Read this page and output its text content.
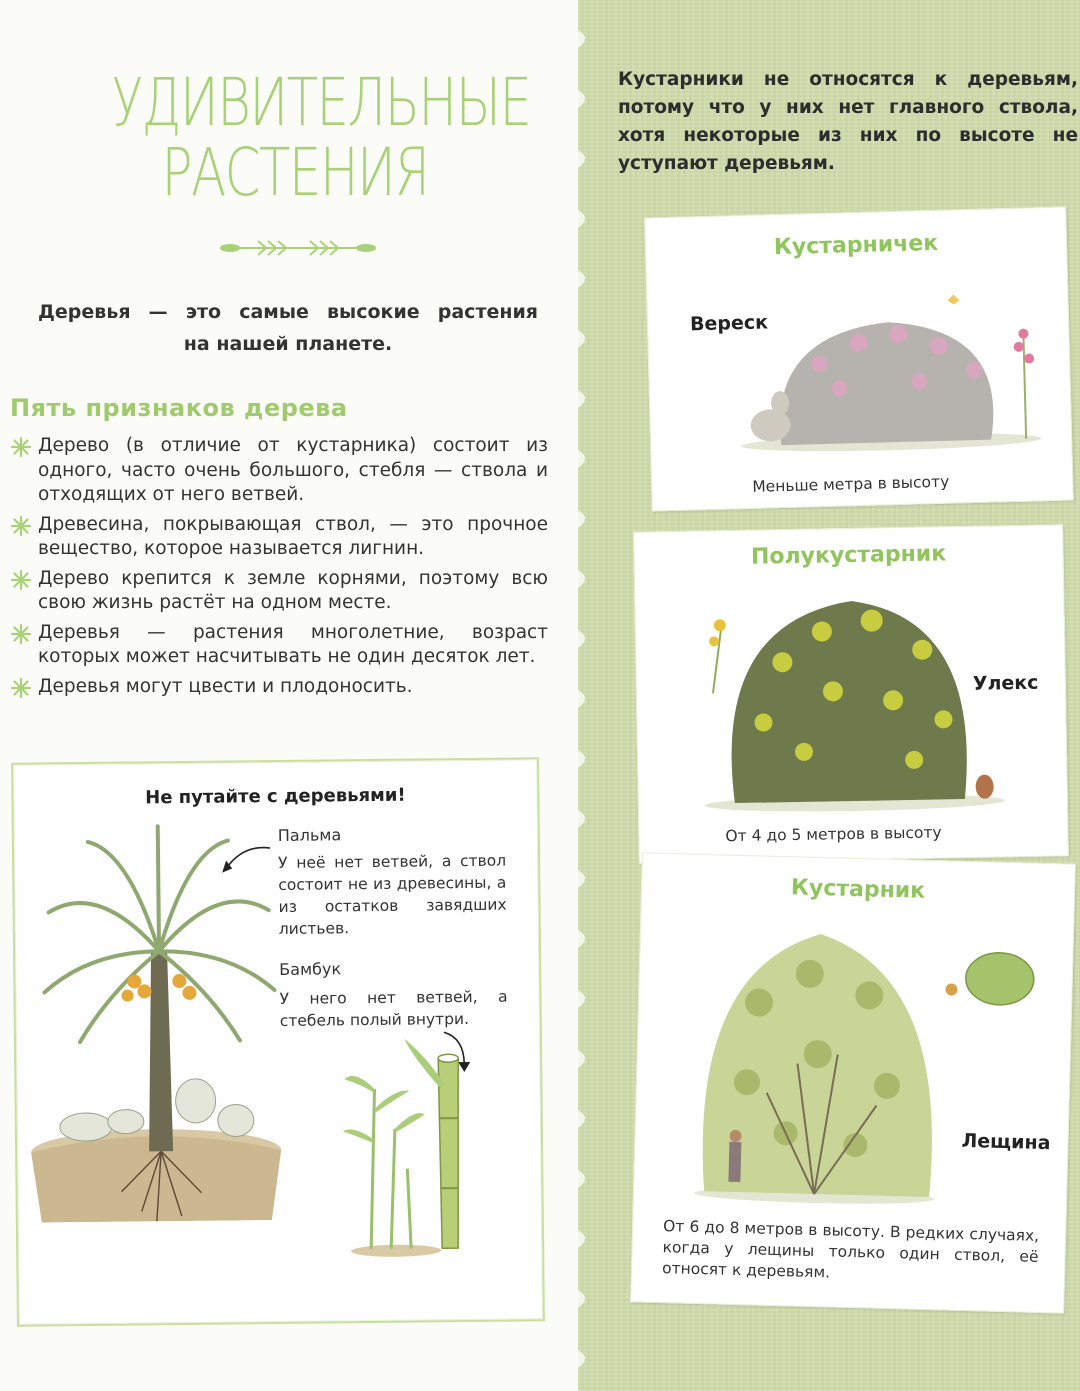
УДИВИТЕЛЬНЫЕ
РАСТЕНИЯ
Деревья — это самые высокие растения
на нашей планете.
Пять признаков дерева
Дерево (в отличие от кустарника) состоит из одного, часто очень большого, стебля — ствола и отходящих от него ветвей.
Древесина, покрывающая ствол, — это прочное вещество, которое называется лигнин.
Дерево крепится к земле корнями, поэтому всю свою жизнь растёт на одном месте.
Деревья — растения многолетние, возраст которых может насчитывать не один десяток лет.
Деревья могут цвести и плодоносить.
Не путайте с деревьями!
Пальма
У неё нет ветвей, а ствол состоит не из древесины, а из остатков завядших листьев.
Бамбук
У него нет ветвей, а стебель полый внутри.
Кустарники не относятся к деревьям, потому что у них нет главного ствола, хотя некоторые из них по высоте не уступают деревьям.
Кустарничек
Вереск
Меньше метра в высоту
Полукустарник
Улекс
От 4 до 5 метров в высоту
Кустарник
Лещина
От 6 до 8 метров в высоту. В редких случаях, когда у лещины только один ствол, её относят к деревьям.
